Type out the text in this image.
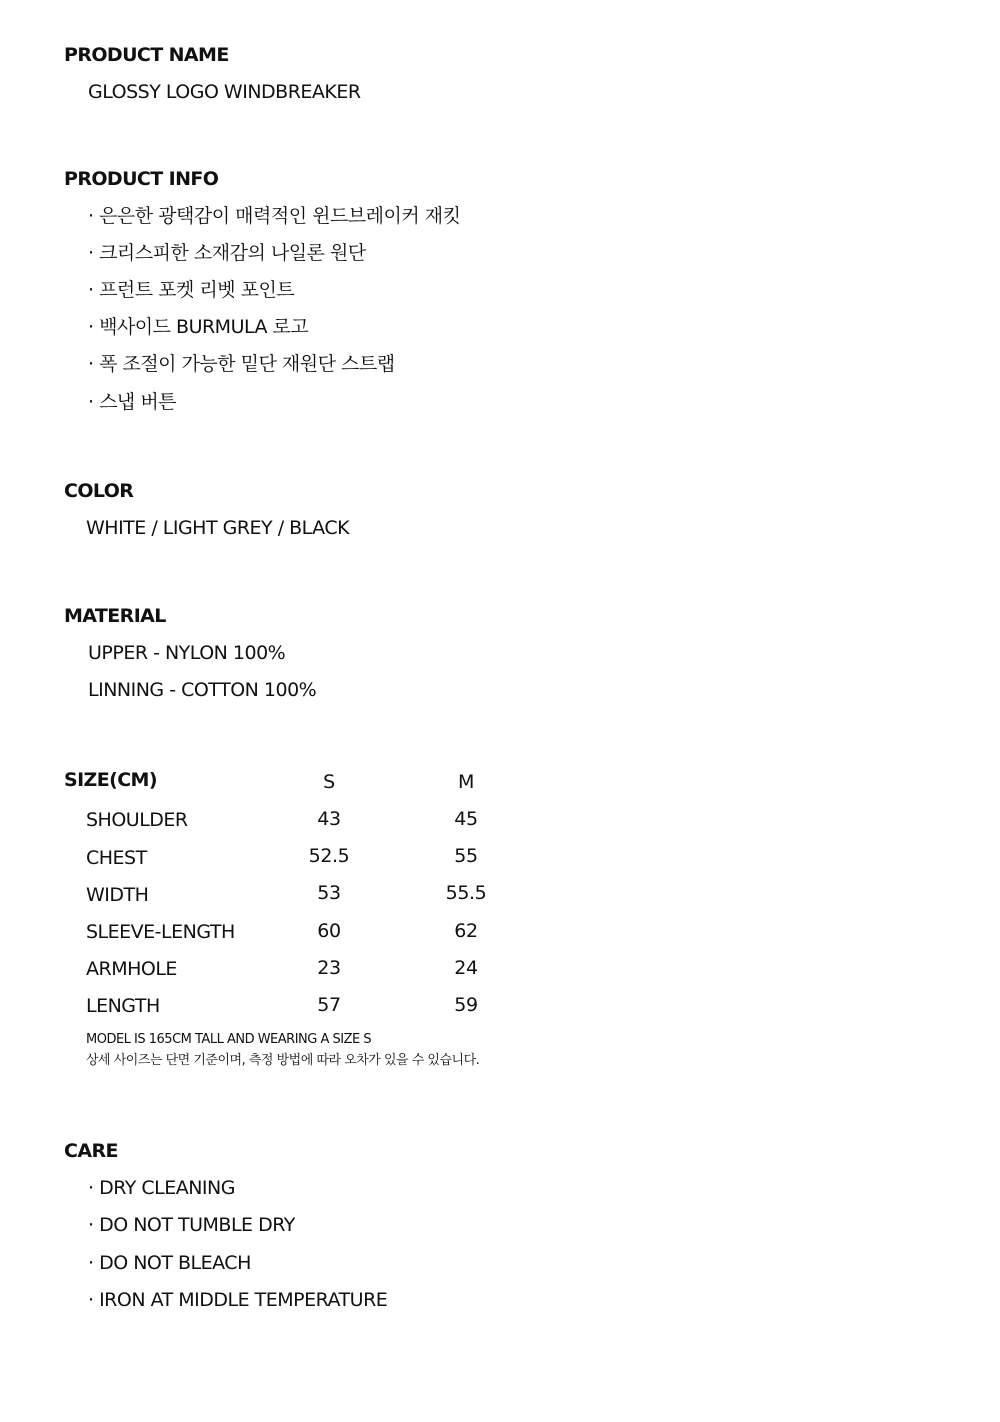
PRODUCT NAME
GLOSSY LOGO WINDBREAKER
PRODUCT INFO
· 은은한 광택감이 매력적인 윈드브레이커 재킷
· 크리스피한 소재감의 나일론 원단
· 프런트 포켓 리벳 포인트
· 백사이드 BURMULA 로고
· 폭 조절이 가능한 밑단 재원단 스트랩
· 스냅 버튼
COLOR
WHITE / LIGHT GREY / BLACK
MATERIAL
UPPER - NYLON 100%
LINNING - COTTON 100%
SIZE(CM)	S	M
SHOULDER	43	45
CHEST	52.5	55
WIDTH	53	55.5
SLEEVE-LENGTH	60	62
ARMHOLE	23	24
LENGTH	57	59
MODEL IS 165CM TALL AND WEARING A SIZE S
상세 사이즈는 단면 기준이며, 측정 방법에 따라 오차가 있을 수 있습니다.
CARE
· DRY CLEANING
· DO NOT TUMBLE DRY
· DO NOT BLEACH
· IRON AT MIDDLE TEMPERATURE
